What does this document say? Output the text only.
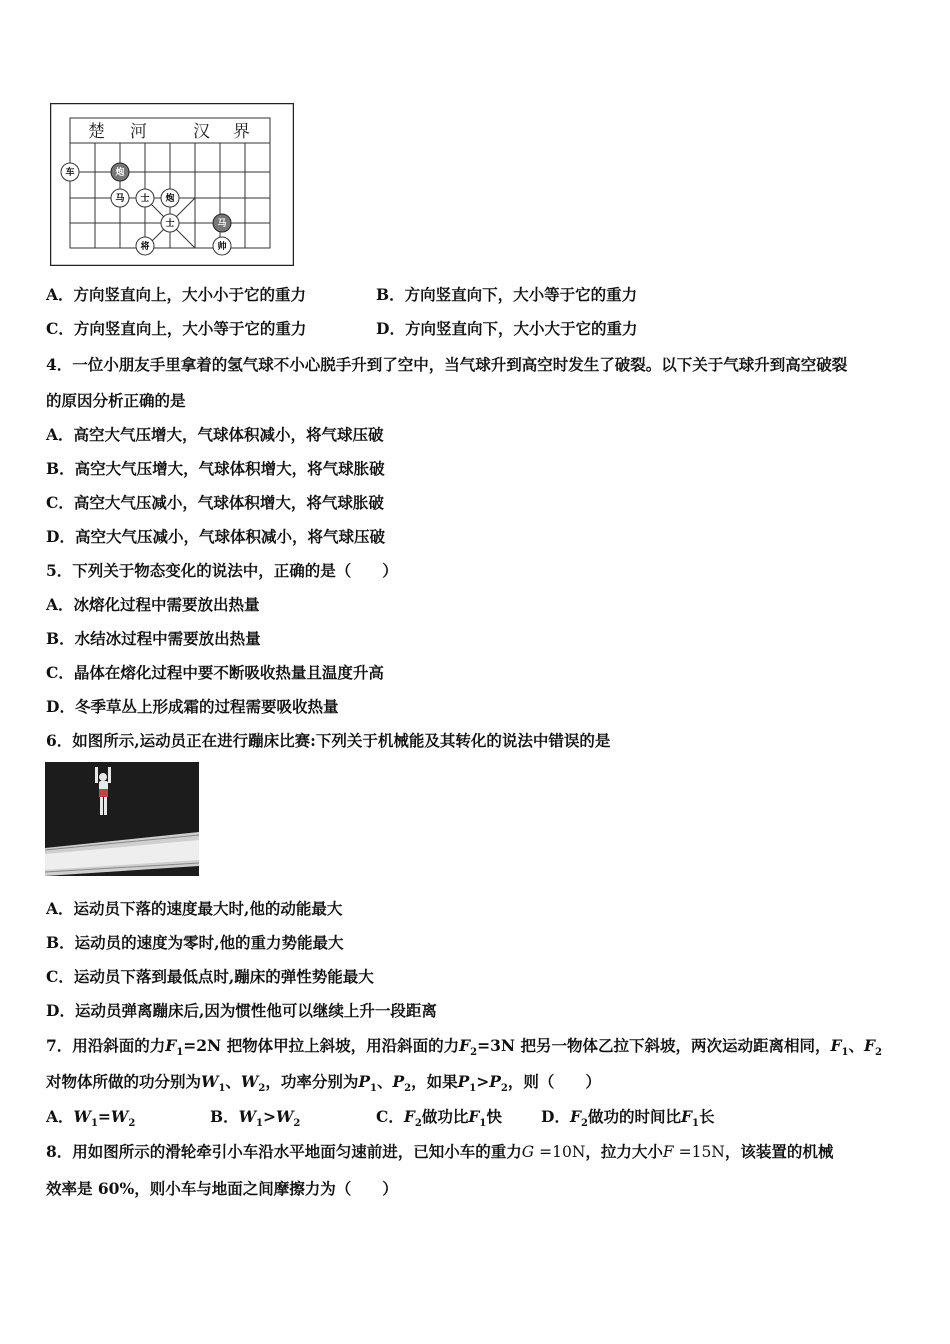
楚 河	汉 界
车
马 士 炮
士
将	帅
炮
马
A．方向竖直向上，大小小于它的重力	B．方向竖直向下，大小等于它的重力
C．方向竖直向上，大小等于它的重力	D．方向竖直向下，大小大于它的重力
4．一位小朋友手里拿着的氢气球不小心脱手升到了空中，当气球升到高空时发生了破裂。以下关于气球升到高空破裂
的原因分析正确的是
A．高空大气压增大，气球体积减小，将气球压破
B．高空大气压增大，气球体积增大，将气球胀破
C．高空大气压减小，气球体积增大，将气球胀破
D．高空大气压减小，气球体积减小，将气球压破
5．下列关于物态变化的说法中，正确的是（　　）
A．冰熔化过程中需要放出热量
B．水结冰过程中需要放出热量
C．晶体在熔化过程中要不断吸收热量且温度升高
D．冬季草丛上形成霜的过程需要吸收热量
6．如图所示,运动员正在进行蹦床比赛:下列关于机械能及其转化的说法中错误的是
A．运动员下落的速度最大时,他的动能最大
B．运动员的速度为零时,他的重力势能最大
C．运动员下落到最低点时,蹦床的弹性势能最大
D．运动员弹离蹦床后,因为惯性他可以继续上升一段距离
7．用沿斜面的力$F_1=2N$ 把物体甲拉上斜坡，用沿斜面的力$F_2=3N$ 把另一物体乙拉下斜坡，两次运动距离相同，$F_1$、$F_2$
对物体所做的功分别为$W_1$、$W_2$，功率分别为$P_1$、$P_2$，如果$P_1>P_2$，则（　　）
A．$W_1=W_2$	B．$W_1>W_2$	C．$F_2$做功比$F_1$快	D．$F_2$做功的时间比$F_1$长
8．用如图所示的滑轮牵引小车沿水平地面匀速前进，已知小车的重力G =10N，拉力大小F =15N，该装置的机械
效率是 60%，则小车与地面之间摩擦力为（　　）
